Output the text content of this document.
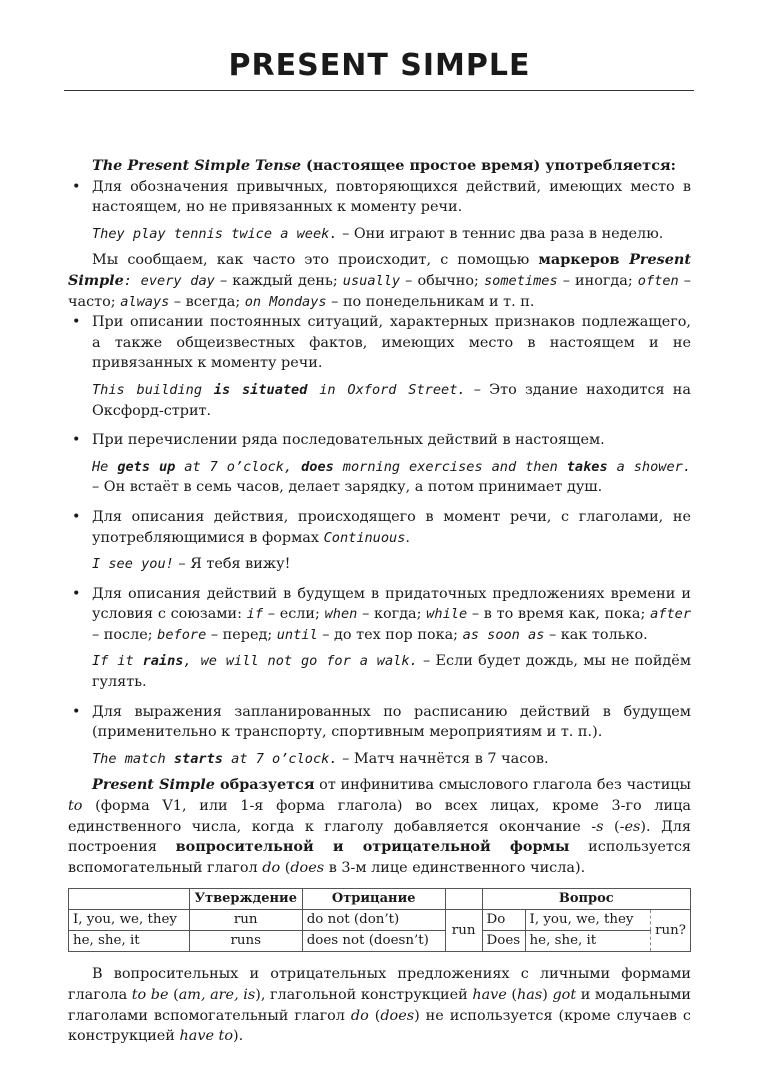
PRESENT SIMPLE

The Present Simple Tense (настоящее простое время) употребляется:

• Для обозначения привычных, повторяющихся действий, имеющих место в настоящем, но не привязанных к моменту речи.

They play tennis twice a week. – Они играют в теннис два раза в неделю.

Мы сообщаем, как часто это происходит, с помощью маркеров Present Simple: every day – каждый день; usually – обычно; sometimes – иногда; often – часто; always – всегда; on Mondays – по понедельникам и т. п.

• При описании постоянных ситуаций, характерных признаков подлежащего, а также общеизвестных фактов, имеющих место в настоящем и не привязанных к моменту речи.

This building is situated in Oxford Street. – Это здание находится на Оксфорд-стрит.

• При перечислении ряда последовательных действий в настоящем.

He gets up at 7 o’clock, does morning exercises and then takes a shower. – Он встаёт в семь часов, делает зарядку, а потом принимает душ.

• Для описания действия, происходящего в момент речи, с глаголами, не употребляющимися в формах Continuous.

I see you! – Я тебя вижу!

• Для описания действий в будущем в придаточных предложениях времени и условия с союзами: if – если; when – когда; while – в то время как, пока; after – после; before – перед; until – до тех пор пока; as soon as – как только.

If it rains, we will not go for a walk. – Если будет дождь, мы не пойдём гулять.

• Для выражения запланированных по расписанию действий в будущем (применительно к транспорту, спортивным мероприятиям и т. п.).

The match starts at 7 o’clock. – Матч начнётся в 7 часов.

Present Simple образуется от инфинитива смыслового глагола без частицы to (форма V1, или 1-я форма глагола) во всех лицах, кроме 3-го лица единственного числа, когда к глаголу добавляется окончание -s (-es). Для построения вопросительной и отрицательной формы используется вспомогательный глагол do (does в 3-м лице единственного числа).

	Утверждение	Отрицание		Вопрос		
I, you, we, they	run	do not (don’t)	run	Do	I, you, we, they	run?
he, she, it	runs	does not (doesn’t)		Does	he, she, it	

В вопросительных и отрицательных предложениях с личными формами глагола to be (am, are, is), глагольной конструкцией have (has) got и модальными глаголами вспомогательный глагол do (does) не используется (кроме случаев с конструкцией have to).
